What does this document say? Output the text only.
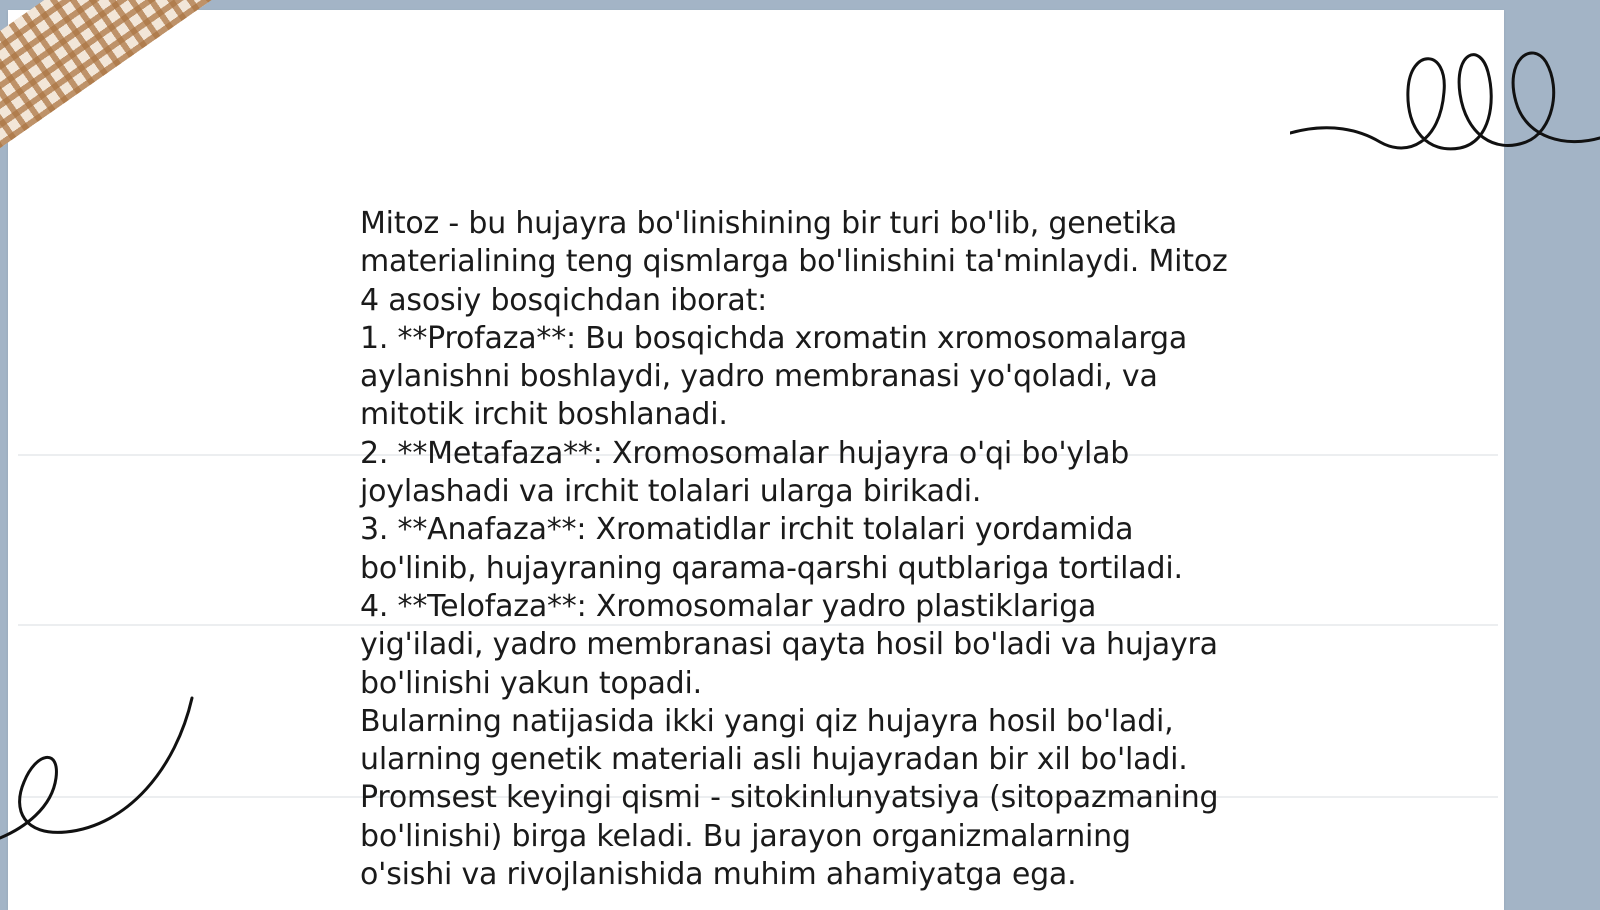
Mitoz - bu hujayra bo'linishining bir turi bo'lib, genetika
materialining teng qismlarga bo'linishini ta'minlaydi. Mitoz
4 asosiy bosqichdan iborat:
1. **Profaza**: Bu bosqichda xromatin xromosomalarga
aylanishni boshlaydi, yadro membranasi yo'qoladi, va
mitotik irchit boshlanadi.
2. **Metafaza**: Xromosomalar hujayra o'qi bo'ylab
joylashadi va irchit tolalari ularga birikadi.
3. **Anafaza**: Xromatidlar irchit tolalari yordamida
bo'linib, hujayraning qarama-qarshi qutblariga tortiladi.
4. **Telofaza**: Xromosomalar yadro plastiklariga
yig'iladi, yadro membranasi qayta hosil bo'ladi va hujayra
bo'linishi yakun topadi.
Bularning natijasida ikki yangi qiz hujayra hosil bo'ladi,
ularning genetik materiali asli hujayradan bir xil bo'ladi.
Promsest keyingi qismi - sitokinlunyatsiya (sitopazmaning
bo'linishi) birga keladi. Bu jarayon organizmalarning
o'sishi va rivojlanishida muhim ahamiyatga ega.
